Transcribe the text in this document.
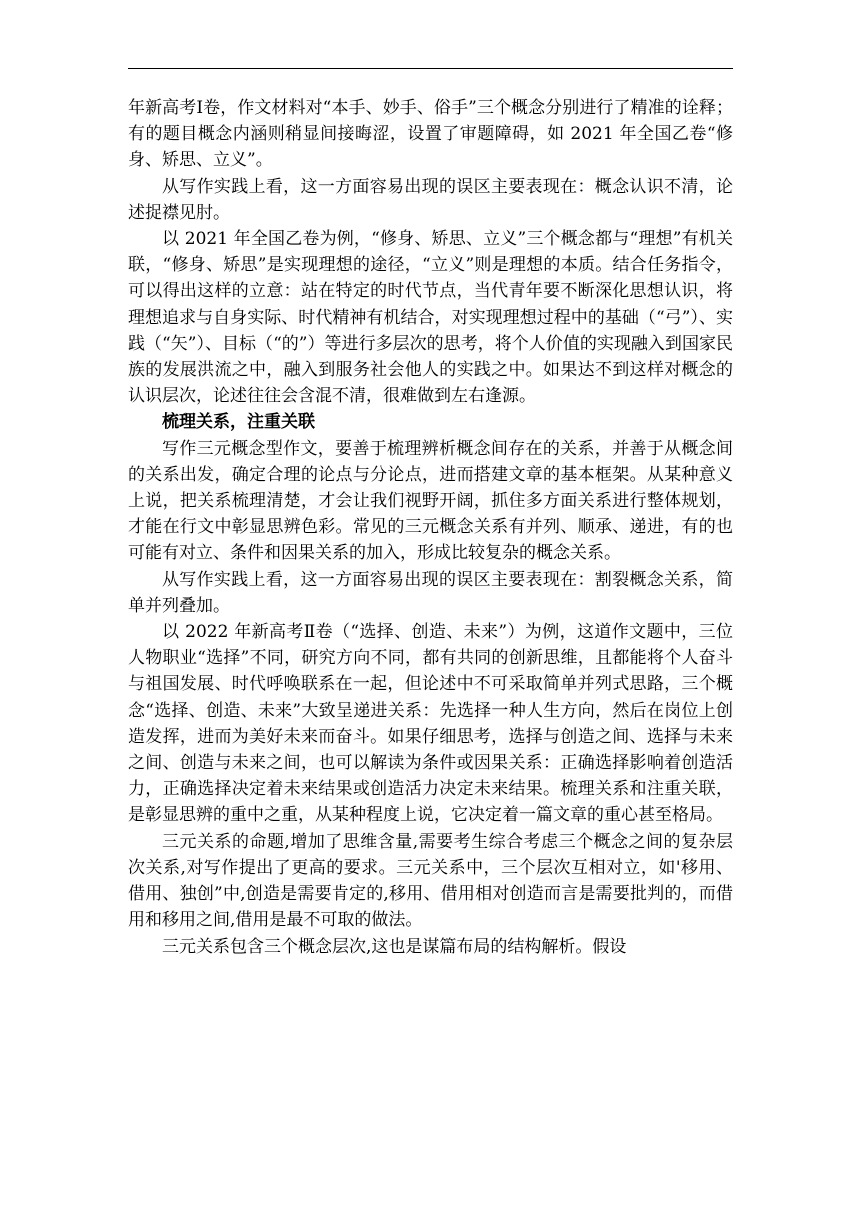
年新高考Ⅰ卷，作文材料对“本手、妙手、俗手”三个概念分别进行了精准的诠释；有的题目概念内涵则稍显间接晦涩，设置了审题障碍，如 2021 年全国乙卷“修身、矫思、立义”。

从写作实践上看，这一方面容易出现的误区主要表现在：概念认识不清，论述捉襟见肘。

以 2021 年全国乙卷为例，“修身、矫思、立义”三个概念都与“理想”有机关联，“修身、矫思”是实现理想的途径，“立义”则是理想的本质。结合任务指令，可以得出这样的立意：站在特定的时代节点，当代青年要不断深化思想认识，将理想追求与自身实际、时代精神有机结合，对实现理想过程中的基础（“弓”）、实践（“矢”）、目标（“的”）等进行多层次的思考，将个人价值的实现融入到国家民族的发展洪流之中，融入到服务社会他人的实践之中。如果达不到这样对概念的认识层次，论述往往会含混不清，很难做到左右逢源。

梳理关系，注重关联

写作三元概念型作文，要善于梳理辨析概念间存在的关系，并善于从概念间的关系出发，确定合理的论点与分论点，进而搭建文章的基本框架。从某种意义上说，把关系梳理清楚，才会让我们视野开阔，抓住多方面关系进行整体规划，才能在行文中彰显思辨色彩。常见的三元概念关系有并列、顺承、递进，有的也可能有对立、条件和因果关系的加入，形成比较复杂的概念关系。

从写作实践上看，这一方面容易出现的误区主要表现在：割裂概念关系，简单并列叠加。

以 2022 年新高考Ⅱ卷（“选择、创造、未来”）为例，这道作文题中，三位人物职业“选择”不同，研究方向不同，都有共同的创新思维，且都能将个人奋斗与祖国发展、时代呼唤联系在一起，但论述中不可采取简单并列式思路，三个概念“选择、创造、未来”大致呈递进关系：先选择一种人生方向，然后在岗位上创造发挥，进而为美好未来而奋斗。如果仔细思考，选择与创造之间、选择与未来之间、创造与未来之间，也可以解读为条件或因果关系：正确选择影响着创造活力，正确选择决定着未来结果或创造活力决定未来结果。梳理关系和注重关联，是彰显思辨的重中之重，从某种程度上说，它决定着一篇文章的重心甚至格局。

三元关系的命题,增加了思维含量,需要考生综合考虑三个概念之间的复杂层次关系,对写作提出了更高的要求。三元关系中，三个层次互相对立，如'移用、借用、独创”中,创造是需要肯定的,移用、借用相对创造而言是需要批判的，而借用和移用之间,借用是最不可取的做法。

三元关系包含三个概念层次,这也是谋篇布局的结构解析。假设
